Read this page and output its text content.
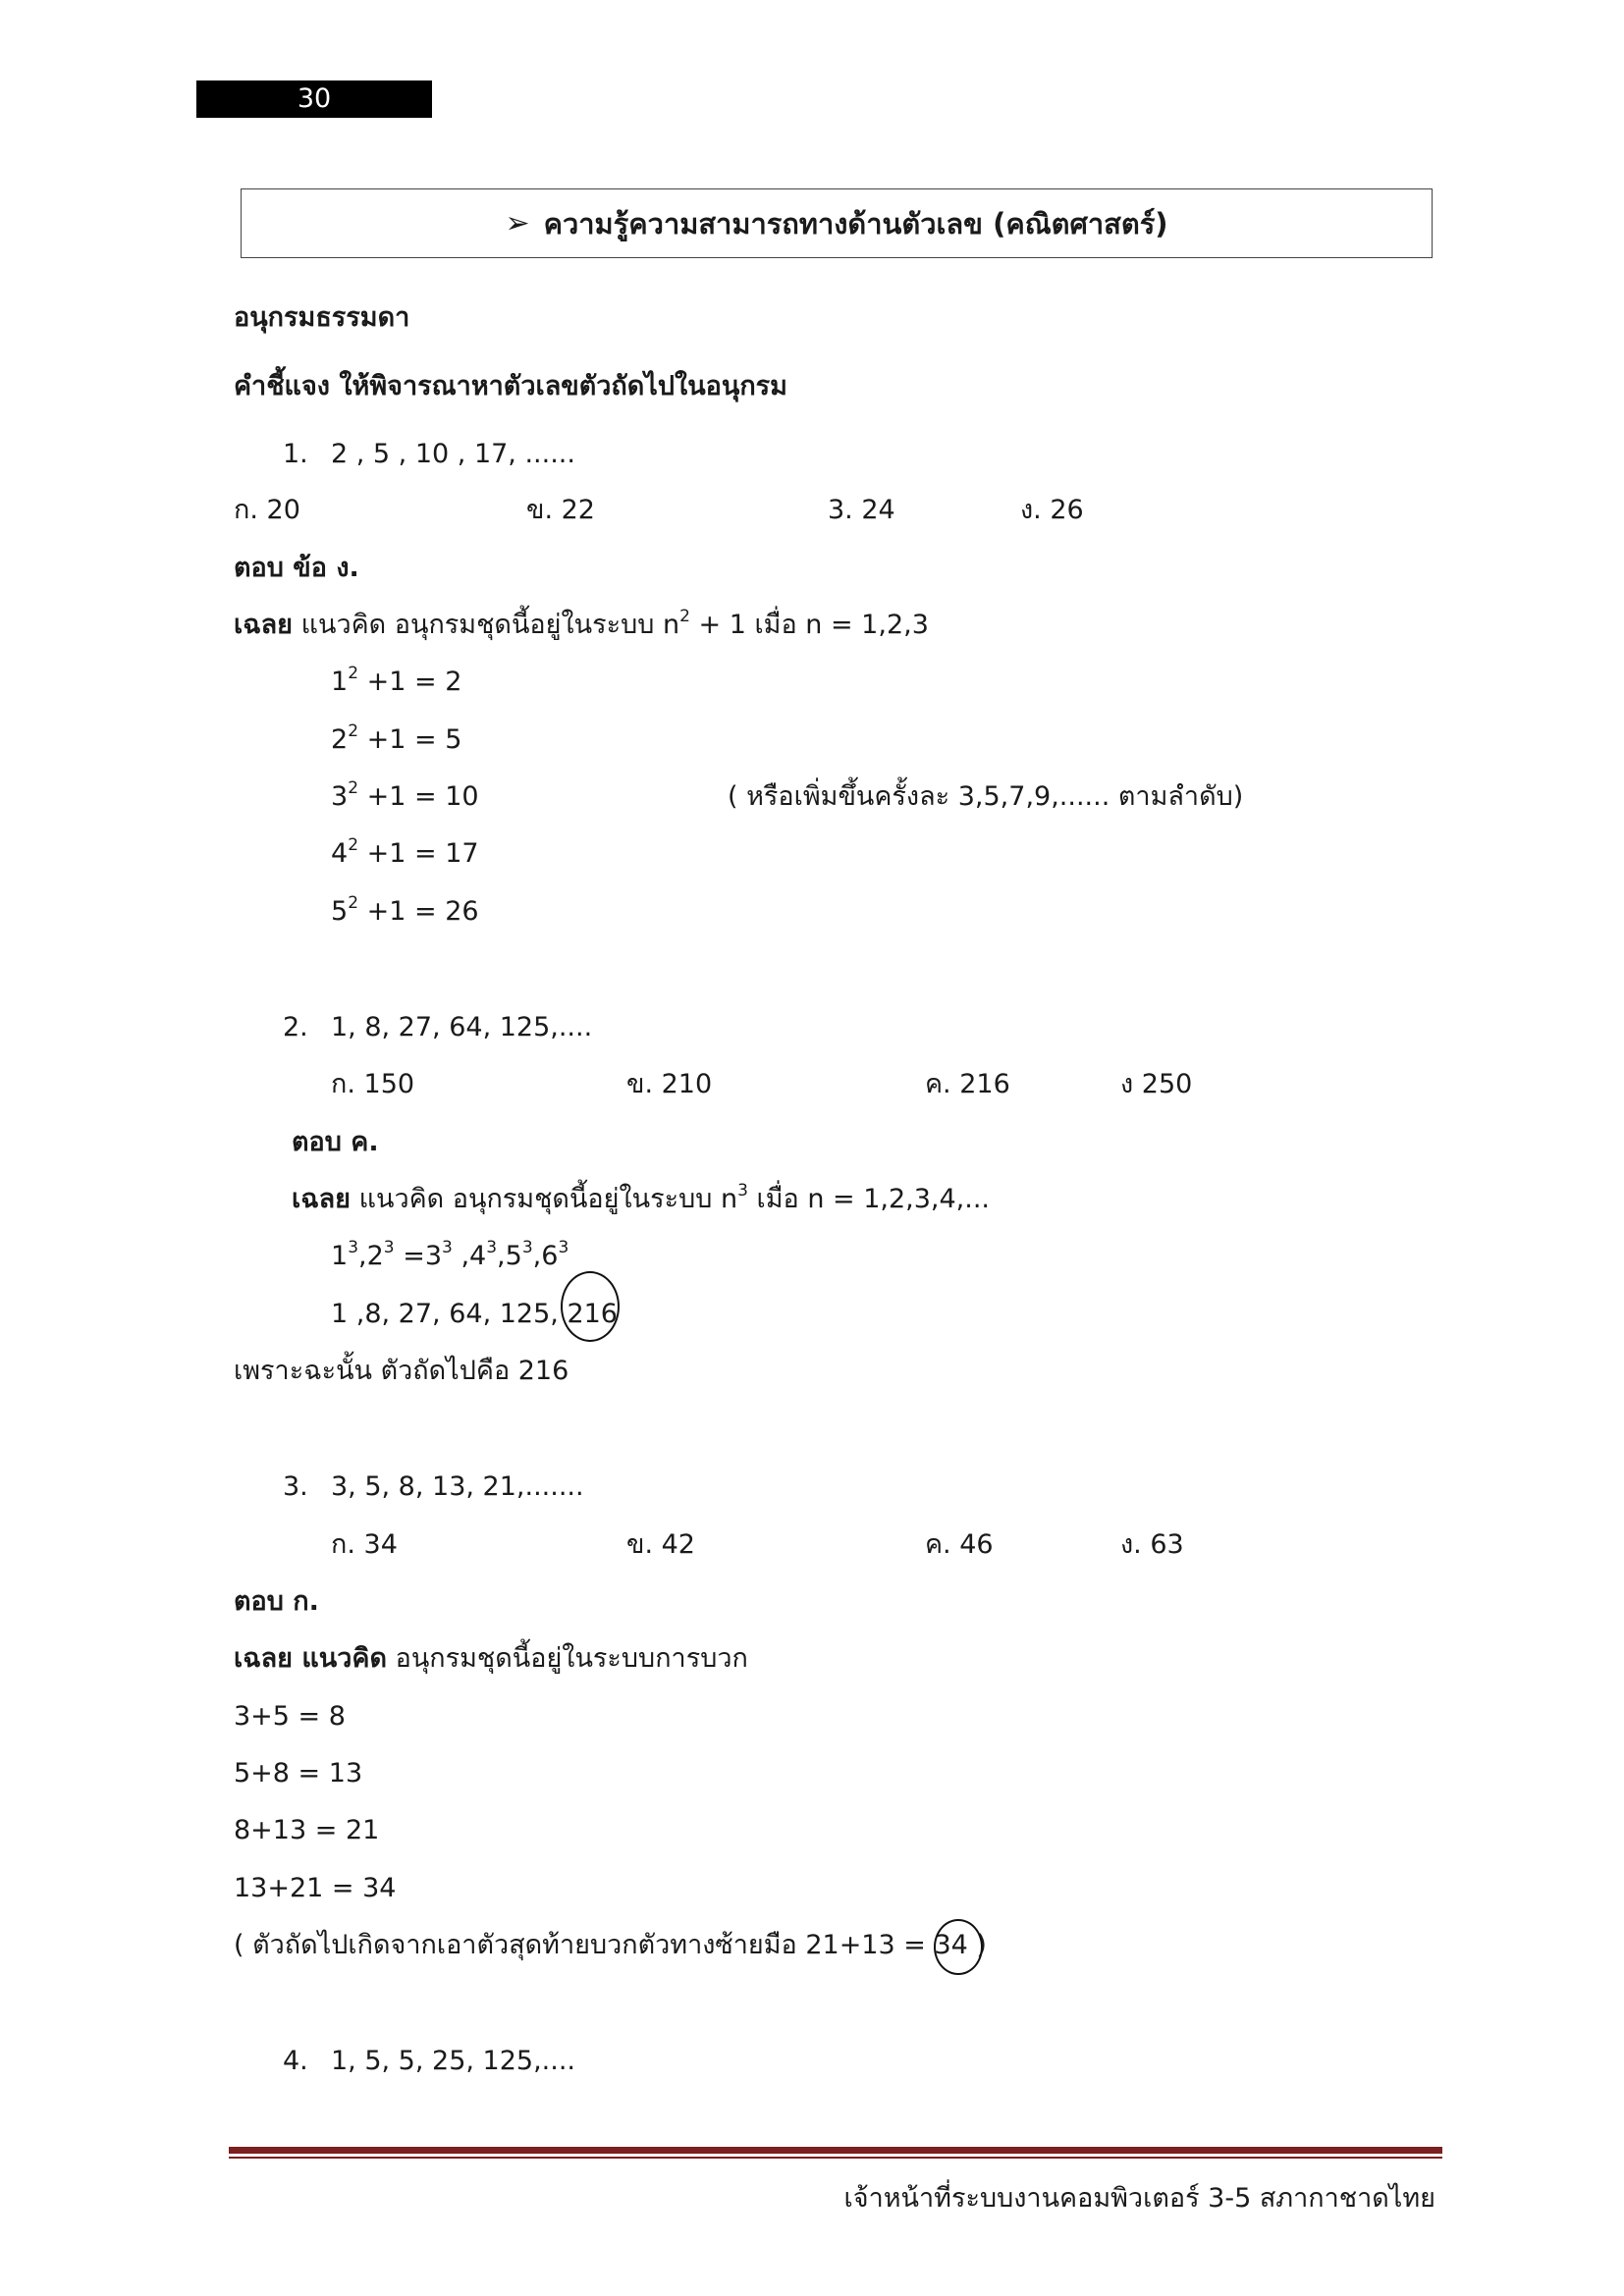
30
➢ ความรู้ความสามารถทางด้านตัวเลข (คณิตศาสตร์)
อนุกรมธรรมดา
คำชี้แจง ให้พิจารณาหาตัวเลขตัวถัดไปในอนุกรม
1. 2 , 5 , 10 , 17, ......
ก. 20	ข. 22	3. 24	ง. 26
ตอบ ข้อ ง.
เฉลย แนวคิด อนุกรมชุดนี้อยู่ในระบบ $n^2 + 1$ เมื่อ n = 1,2,3
$1^2 +1 = 2$
$2^2 +1 = 5$
$3^2 +1 = 10$	( หรือเพิ่มขึ้นครั้งละ 3,5,7,9,...... ตามลำดับ)
$4^2 +1 = 17$
$5^2 +1 = 26$
2. 1, 8, 27, 64, 125,....
ก. 150	ข. 210	ค. 216	ง 250
ตอบ ค.
เฉลย แนวคิด อนุกรมชุดนี้อยู่ในระบบ $n^3$ เมื่อ n = 1,2,3,4,...
$1^3,2^3 =3^3$ $,4^3,5^3,6^3$
1 ,8, 27, 64, 125, 216
เพราะฉะนั้น ตัวถัดไปคือ 216
3. 3, 5, 8, 13, 21,.......
ก. 34	ข. 42	ค. 46	ง. 63
ตอบ ก.
เฉลย แนวคิด อนุกรมชุดนี้อยู่ในระบบการบวก
3+5 = 8
5+8 = 13
8+13 = 21
13+21 = 34
( ตัวถัดไปเกิดจากเอาตัวสุดท้ายบวกตัวทางซ้ายมือ 21+13 = 34 )
4. 1, 5, 5, 25, 125,....
เจ้าหน้าที่ระบบงานคอมพิวเตอร์ 3-5 สภากาชาดไทย
